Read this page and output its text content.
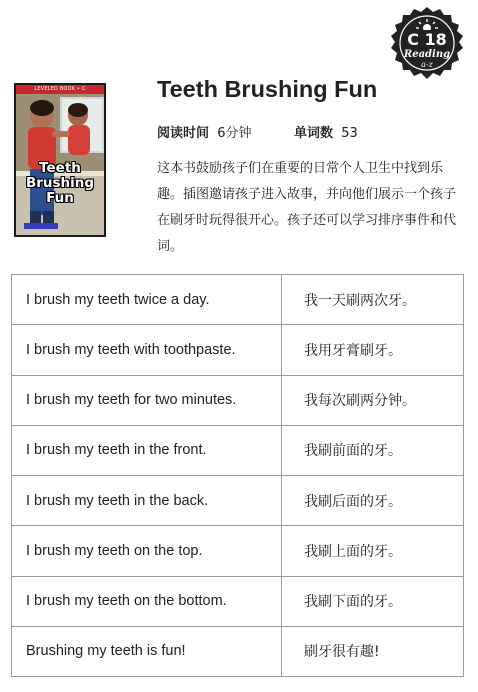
C 18
Reading
a-z
LEVELED BOOK • C
Teeth
Brushing
Fun
Teeth Brushing Fun
阅读时间 6分钟	单词数 53
这本书鼓励孩子们在重要的日常个人卫生中找到乐趣。插图邀请孩子进入故事，并向他们展示一个孩子在刷牙时玩得很开心。孩子还可以学习排序事件和代词。
I brush my teeth twice a day.	我一天刷两次牙。
I brush my teeth with toothpaste.	我用牙膏刷牙。
I brush my teeth for two minutes.	我每次刷两分钟。
I brush my teeth in the front.	我刷前面的牙。
I brush my teeth in the back.	我刷后面的牙。
I brush my teeth on the top.	我刷上面的牙。
I brush my teeth on the bottom.	我刷下面的牙。
Brushing my teeth is fun!	刷牙很有趣!
